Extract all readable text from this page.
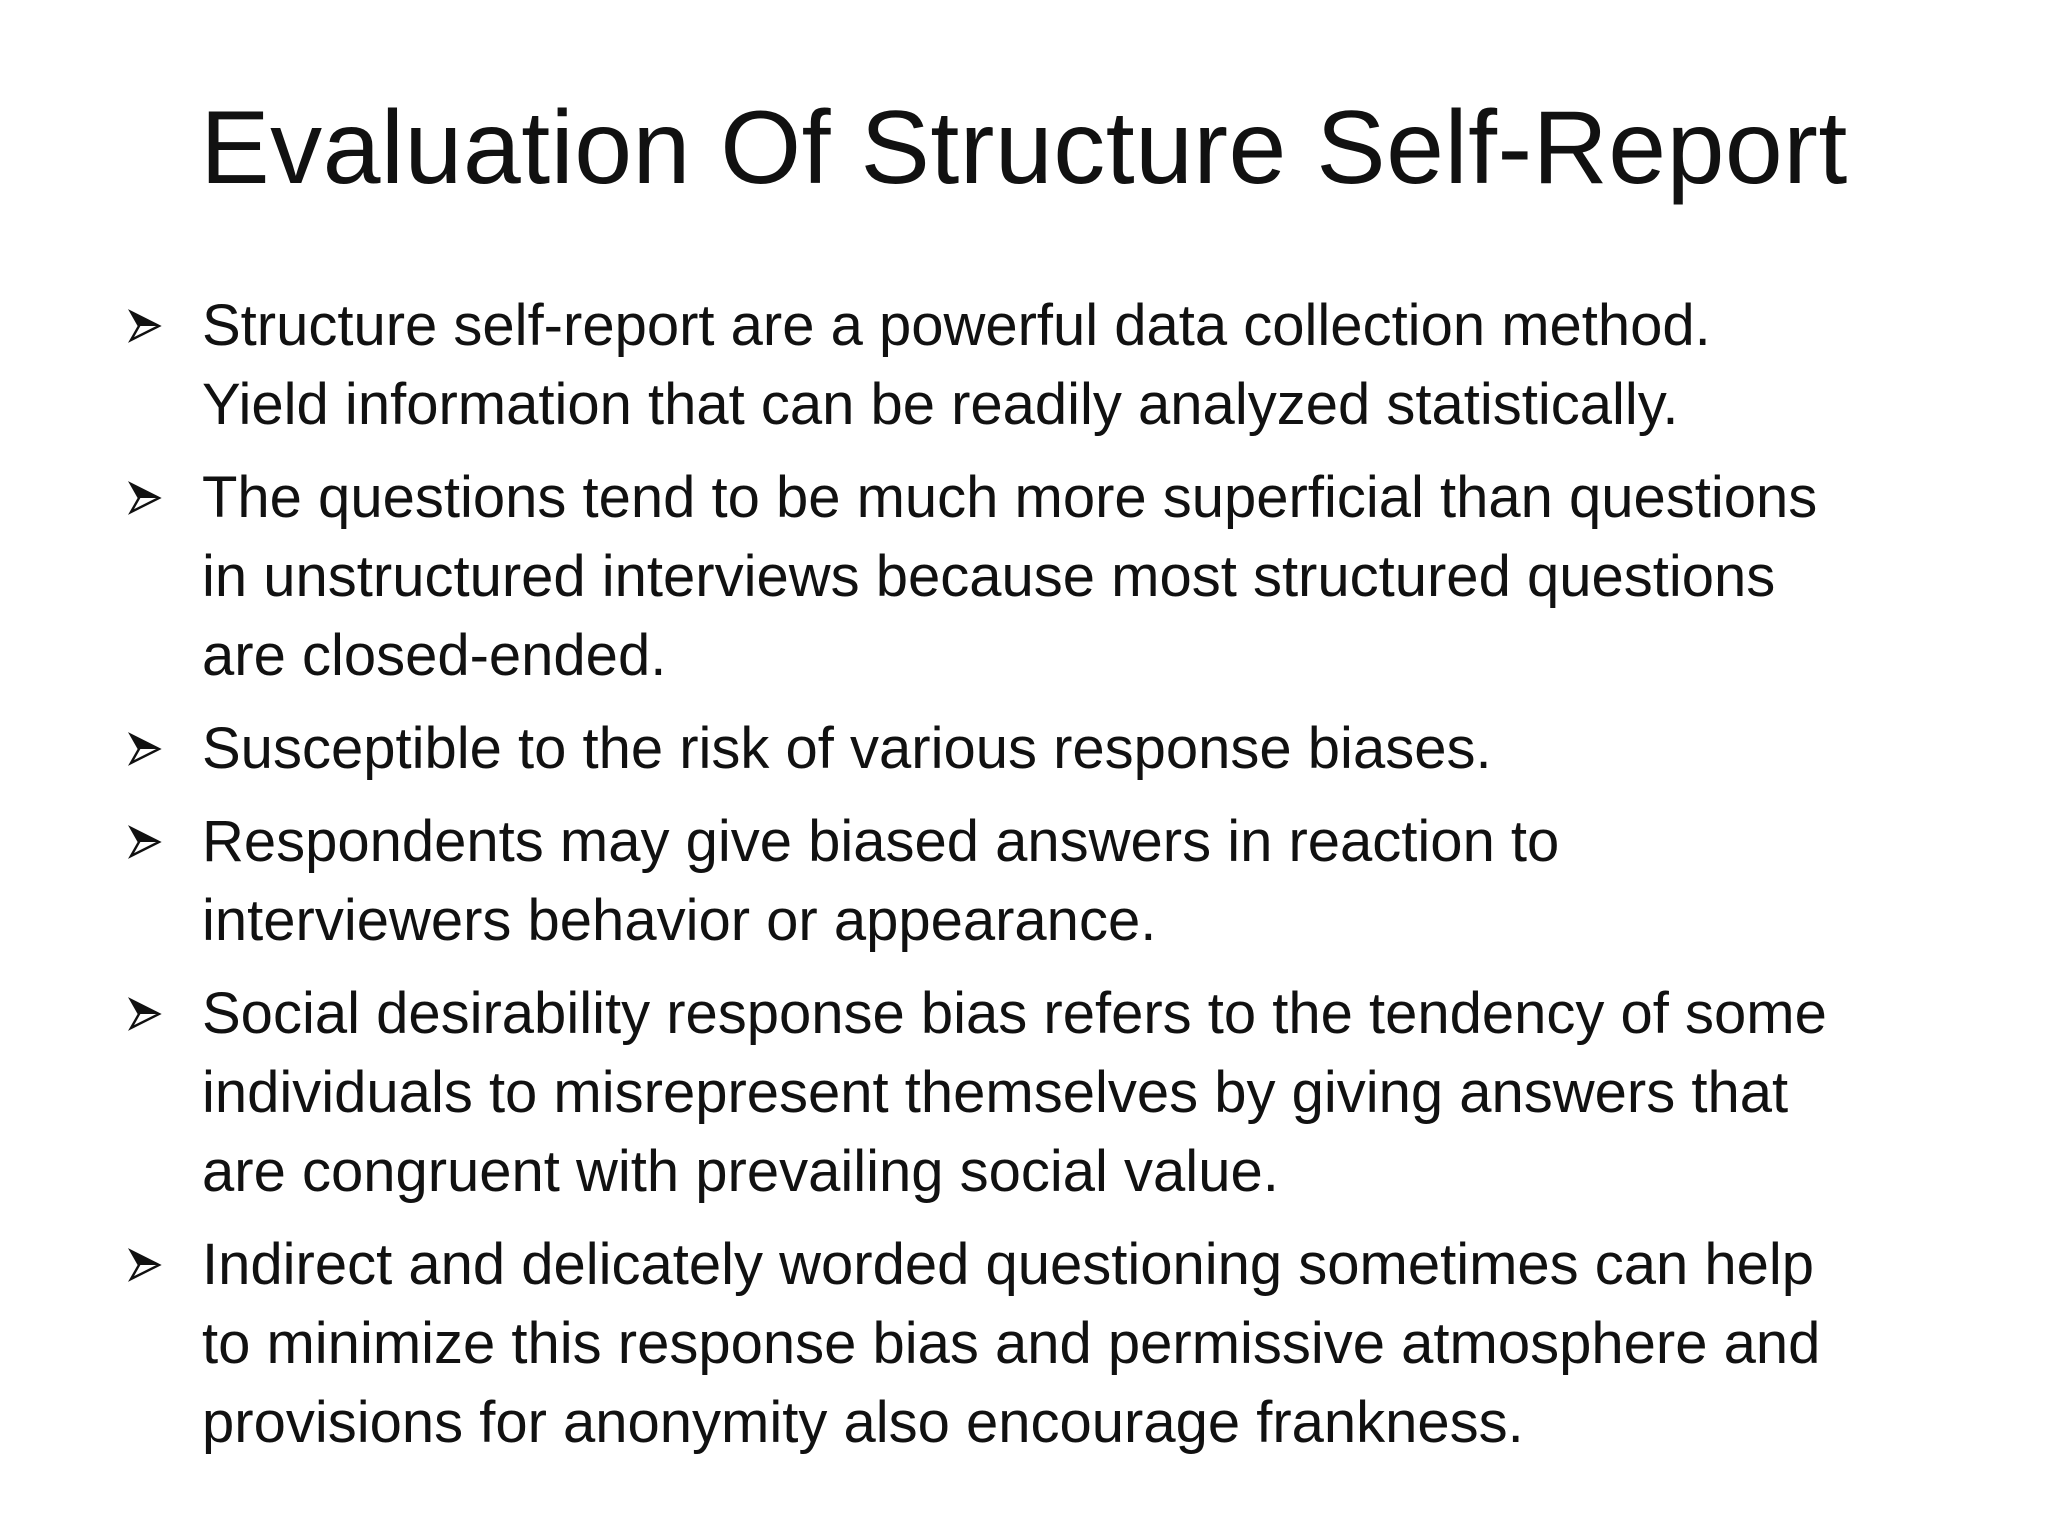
Evaluation Of Structure Self-Report
Structure self-report are a powerful data collection method.
Yield information that can be readily analyzed statistically.
The questions tend to be much more superficial than questions
in unstructured interviews because most structured questions
are closed-ended.
Susceptible to the risk of various response biases.
Respondents may give biased answers in reaction to
interviewers behavior or appearance.
Social desirability response bias refers to the tendency of some
individuals to misrepresent themselves by giving answers that
are congruent with prevailing social value.
Indirect and delicately worded questioning sometimes can help
to minimize this response bias and permissive atmosphere and
provisions for anonymity also encourage frankness.
